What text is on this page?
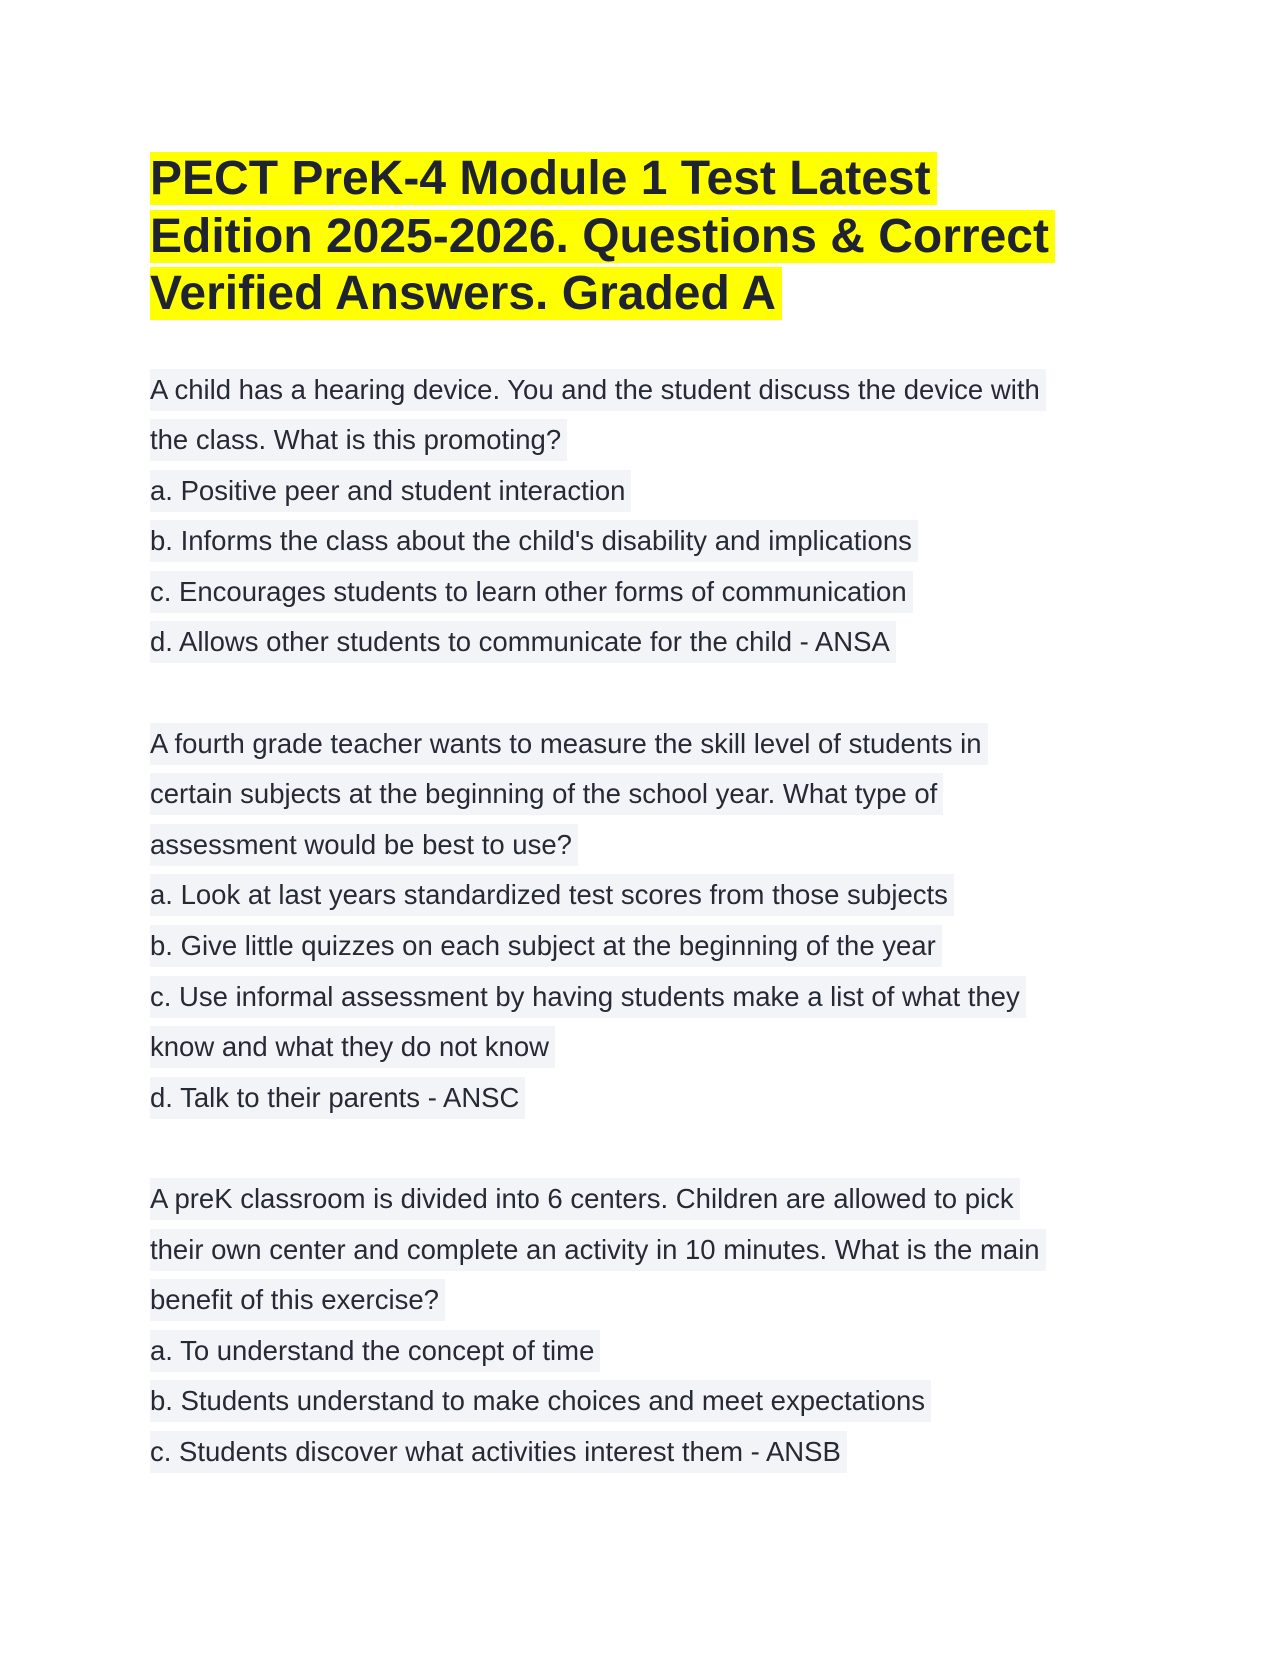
PECT PreK-4 Module 1 Test Latest
Edition 2025-2026. Questions & Correct
Verified Answers. Graded A
A child has a hearing device. You and the student discuss the device with
the class. What is this promoting?
a. Positive peer and student interaction
b. Informs the class about the child's disability and implications
c. Encourages students to learn other forms of communication
d. Allows other students to communicate for the child - ANSA
A fourth grade teacher wants to measure the skill level of students in
certain subjects at the beginning of the school year. What type of
assessment would be best to use?
a. Look at last years standardized test scores from those subjects
b. Give little quizzes on each subject at the beginning of the year
c. Use informal assessment by having students make a list of what they
know and what they do not know
d. Talk to their parents - ANSC
A preK classroom is divided into 6 centers. Children are allowed to pick
their own center and complete an activity in 10 minutes. What is the main
benefit of this exercise?
a. To understand the concept of time
b. Students understand to make choices and meet expectations
c. Students discover what activities interest them - ANSB
